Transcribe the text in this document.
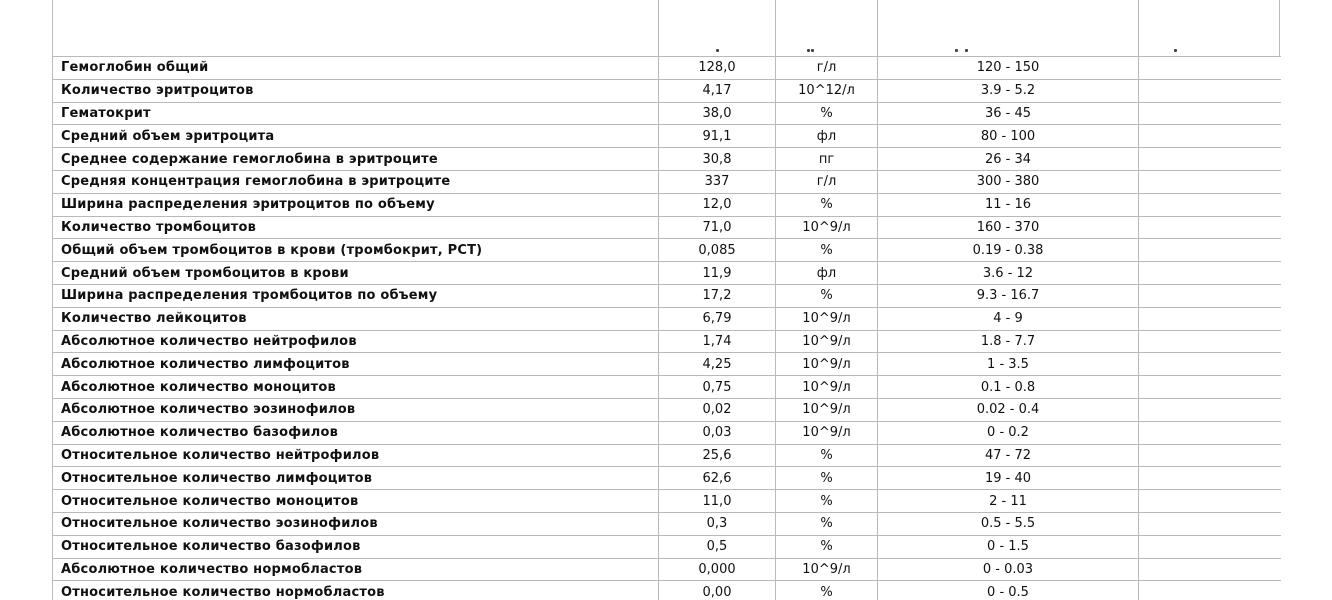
Гемоглобин общий	128,0	г/л	120 - 150	
Количество эритроцитов	4,17	10^12/л	3.9 - 5.2	
Гематокрит	38,0	%	36 - 45	
Средний объем эритроцита	91,1	фл	80 - 100	
Среднее содержание гемоглобина в эритроците	30,8	пг	26 - 34	
Средняя концентрация гемоглобина в эритроците	337	г/л	300 - 380	
Ширина распределения эритроцитов по объему	12,0	%	11 - 16	
Количество тромбоцитов	71,0	10^9/л	160 - 370	
Общий объем тромбоцитов в крови (тромбокрит, PCT)	0,085	%	0.19 - 0.38	
Средний объем тромбоцитов в крови	11,9	фл	3.6 - 12	
Ширина распределения тромбоцитов по объему	17,2	%	9.3 - 16.7	
Количество лейкоцитов	6,79	10^9/л	4 - 9	
Абсолютное количество нейтрофилов	1,74	10^9/л	1.8 - 7.7	
Абсолютное количество лимфоцитов	4,25	10^9/л	1 - 3.5	
Абсолютное количество моноцитов	0,75	10^9/л	0.1 - 0.8	
Абсолютное количество эозинофилов	0,02	10^9/л	0.02 - 0.4	
Абсолютное количество базофилов	0,03	10^9/л	0 - 0.2	
Относительное количество нейтрофилов	25,6	%	47 - 72	
Относительное количество лимфоцитов	62,6	%	19 - 40	
Относительное количество моноцитов	11,0	%	2 - 11	
Относительное количество эозинофилов	0,3	%	0.5 - 5.5	
Относительное количество базофилов	0,5	%	0 - 1.5	
Абсолютное количество нормобластов	0,000	10^9/л	0 - 0.03	
Относительное количество нормобластов	0,00	%	0 - 0.5	
